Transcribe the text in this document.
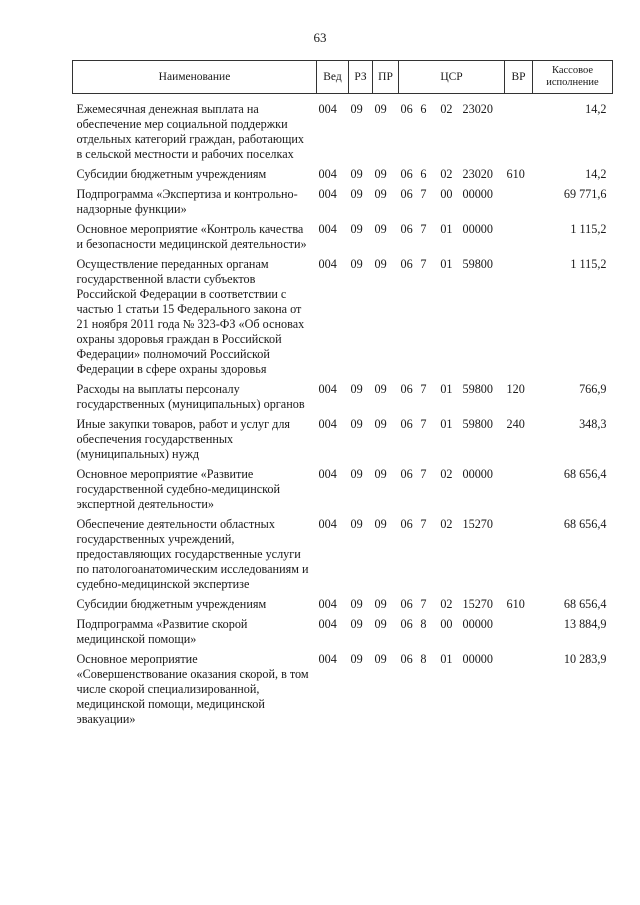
63
Наименование	Вед	РЗ	ПР	ЦСР	ВР	Кассовое
исполнение
Ежемесячная денежная выплата на обеспечение мер социальной поддержки отдельных категорий граждан, работающих в сельской местности и рабочих поселках	004	09	09	06 6 02 23020		14,2
Субсидии бюджетным учреждениям	004	09	09	06 6 02 23020	610	14,2
Подпрограмма «Экспертиза и контрольно-надзорные функции»	004	09	09	06 7 00 00000		69 771,6
Основное мероприятие «Контроль качества и безопасности медицинской деятельности»	004	09	09	06 7 01 00000		1 115,2
Осуществление переданных органам государственной власти субъектов Российской Федерации в соответствии с частью 1 статьи 15 Федерального закона от 21 ноября 2011 года № 323-ФЗ «Об основах охраны здоровья граждан в Российской Федерации» полномочий Российской Федерации в сфере охраны здоровья	004	09	09	06 7 01 59800		1 115,2
Расходы на выплаты персоналу государственных (муниципальных) органов	004	09	09	06 7 01 59800	120	766,9
Иные закупки товаров, работ и услуг для обеспечения государственных (муниципальных) нужд	004	09	09	06 7 01 59800	240	348,3
Основное мероприятие «Развитие государственной судебно-медицинской экспертной деятельности»	004	09	09	06 7 02 00000		68 656,4
Обеспечение деятельности областных государственных учреждений, предоставляющих государственные услуги по патологоанатомическим исследованиям и судебно-медицинской экспертизе	004	09	09	06 7 02 15270		68 656,4
Субсидии бюджетным учреждениям	004	09	09	06 7 02 15270	610	68 656,4
Подпрограмма «Развитие скорой медицинской помощи»	004	09	09	06 8 00 00000		13 884,9
Основное мероприятие «Совершенствование оказания скорой, в том числе скорой специализированной, медицинской помощи, медицинской эвакуации»	004	09	09	06 8 01 00000		10 283,9
